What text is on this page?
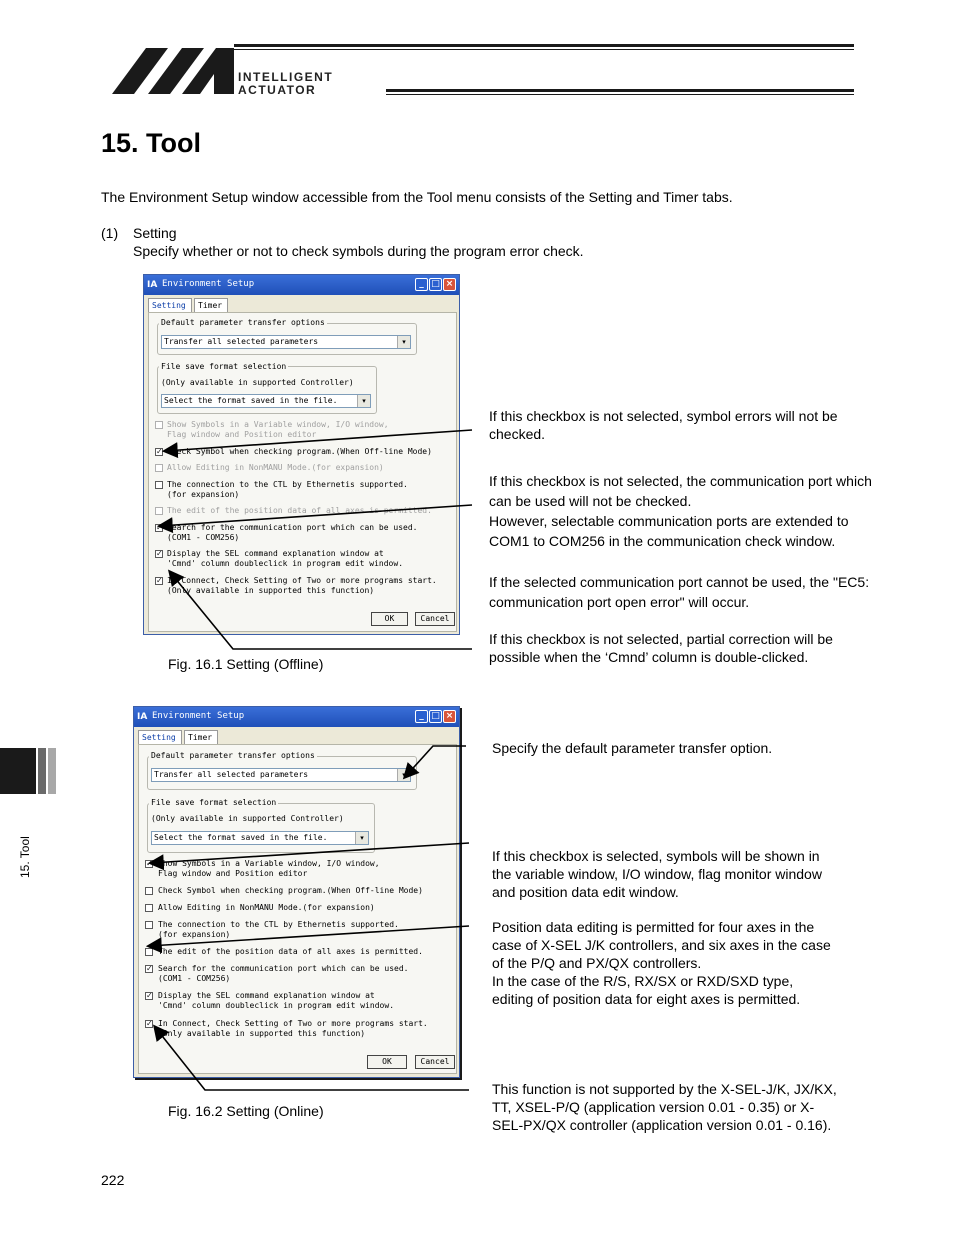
INTELLIGENT
ACTUATOR
15. Tool
The Environment Setup window accessible from the Tool menu consists of the Setting and Timer tabs.
(1) Setting
Specify whether or not to check symbols during the program error check.
15. Tool
IA Environment Setup	_ □ ×
Setting	Timer
Default parameter transfer options
Transfer all selected parameters	▾
File save format selection
(Only available in supported Controller)
Select the format saved in the file.	▾
Show Symbols in a Variable window, I/O window,
Flag window and Position editor
✓ Check Symbol when checking program.(When Off-line Mode)
Allow Editing in NonMANU Mode.(for expansion)
The connection to the CTL by Ethernetis supported.
(for expansion)
The edit of the position data of all axes is permitted.
✓ Search for the communication port which can be used.
(COM1 - COM256)
✓ Display the SEL command explanation window at
'Cmnd' column doubleclick in program edit window.
✓ In Connect, Check Setting of Two or more programs start.
(Only available in supported this function)
OK	Cancel
Fig. 16.1 Setting (Offline)
If this checkbox is not selected, symbol errors will not be checked.
If this checkbox is not selected, the communication port which can be used will not be checked.
However, selectable communication ports are extended to COM1 to COM256 in the communication check window.
If the selected communication port cannot be used, the "EC5: communication port open error" will occur.
If this checkbox is not selected, partial correction will be possible when the ‘Cmnd’ column is double-clicked.
IA Environment Setup	_ □ ×
Setting	Timer
Default parameter transfer options
Transfer all selected parameters	▾
File save format selection
(Only available in supported Controller)
Select the format saved in the file.	▾
✓ Show Symbols in a Variable window, I/O window,
Flag window and Position editor
Check Symbol when checking program.(When Off-line Mode)
Allow Editing in NonMANU Mode.(for expansion)
The connection to the CTL by Ethernetis supported.
(for expansion)
The edit of the position data of all axes is permitted.
✓ Search for the communication port which can be used.
(COM1 - COM256)
✓ Display the SEL command explanation window at
'Cmnd' column doubleclick in program edit window.
✓ In Connect, Check Setting of Two or more programs start.
(Only available in supported this function)
OK	Cancel
Fig. 16.2 Setting (Online)
Specify the default parameter transfer option.
If this checkbox is selected, symbols will be shown in the variable window, I/O window, flag monitor window and position data edit window.
Position data editing is permitted for four axes in the case of X-SEL J/K controllers, and six axes in the case of the P/Q and PX/QX controllers.
In the case of the R/S, RX/SX or RXD/SXD type, editing of position data for eight axes is permitted.
This function is not supported by the X-SEL-J/K, JX/KX, TT, XSEL-P/Q (application version 0.01 - 0.35) or X-SEL-PX/QX controller (application version 0.01 - 0.16).
222
